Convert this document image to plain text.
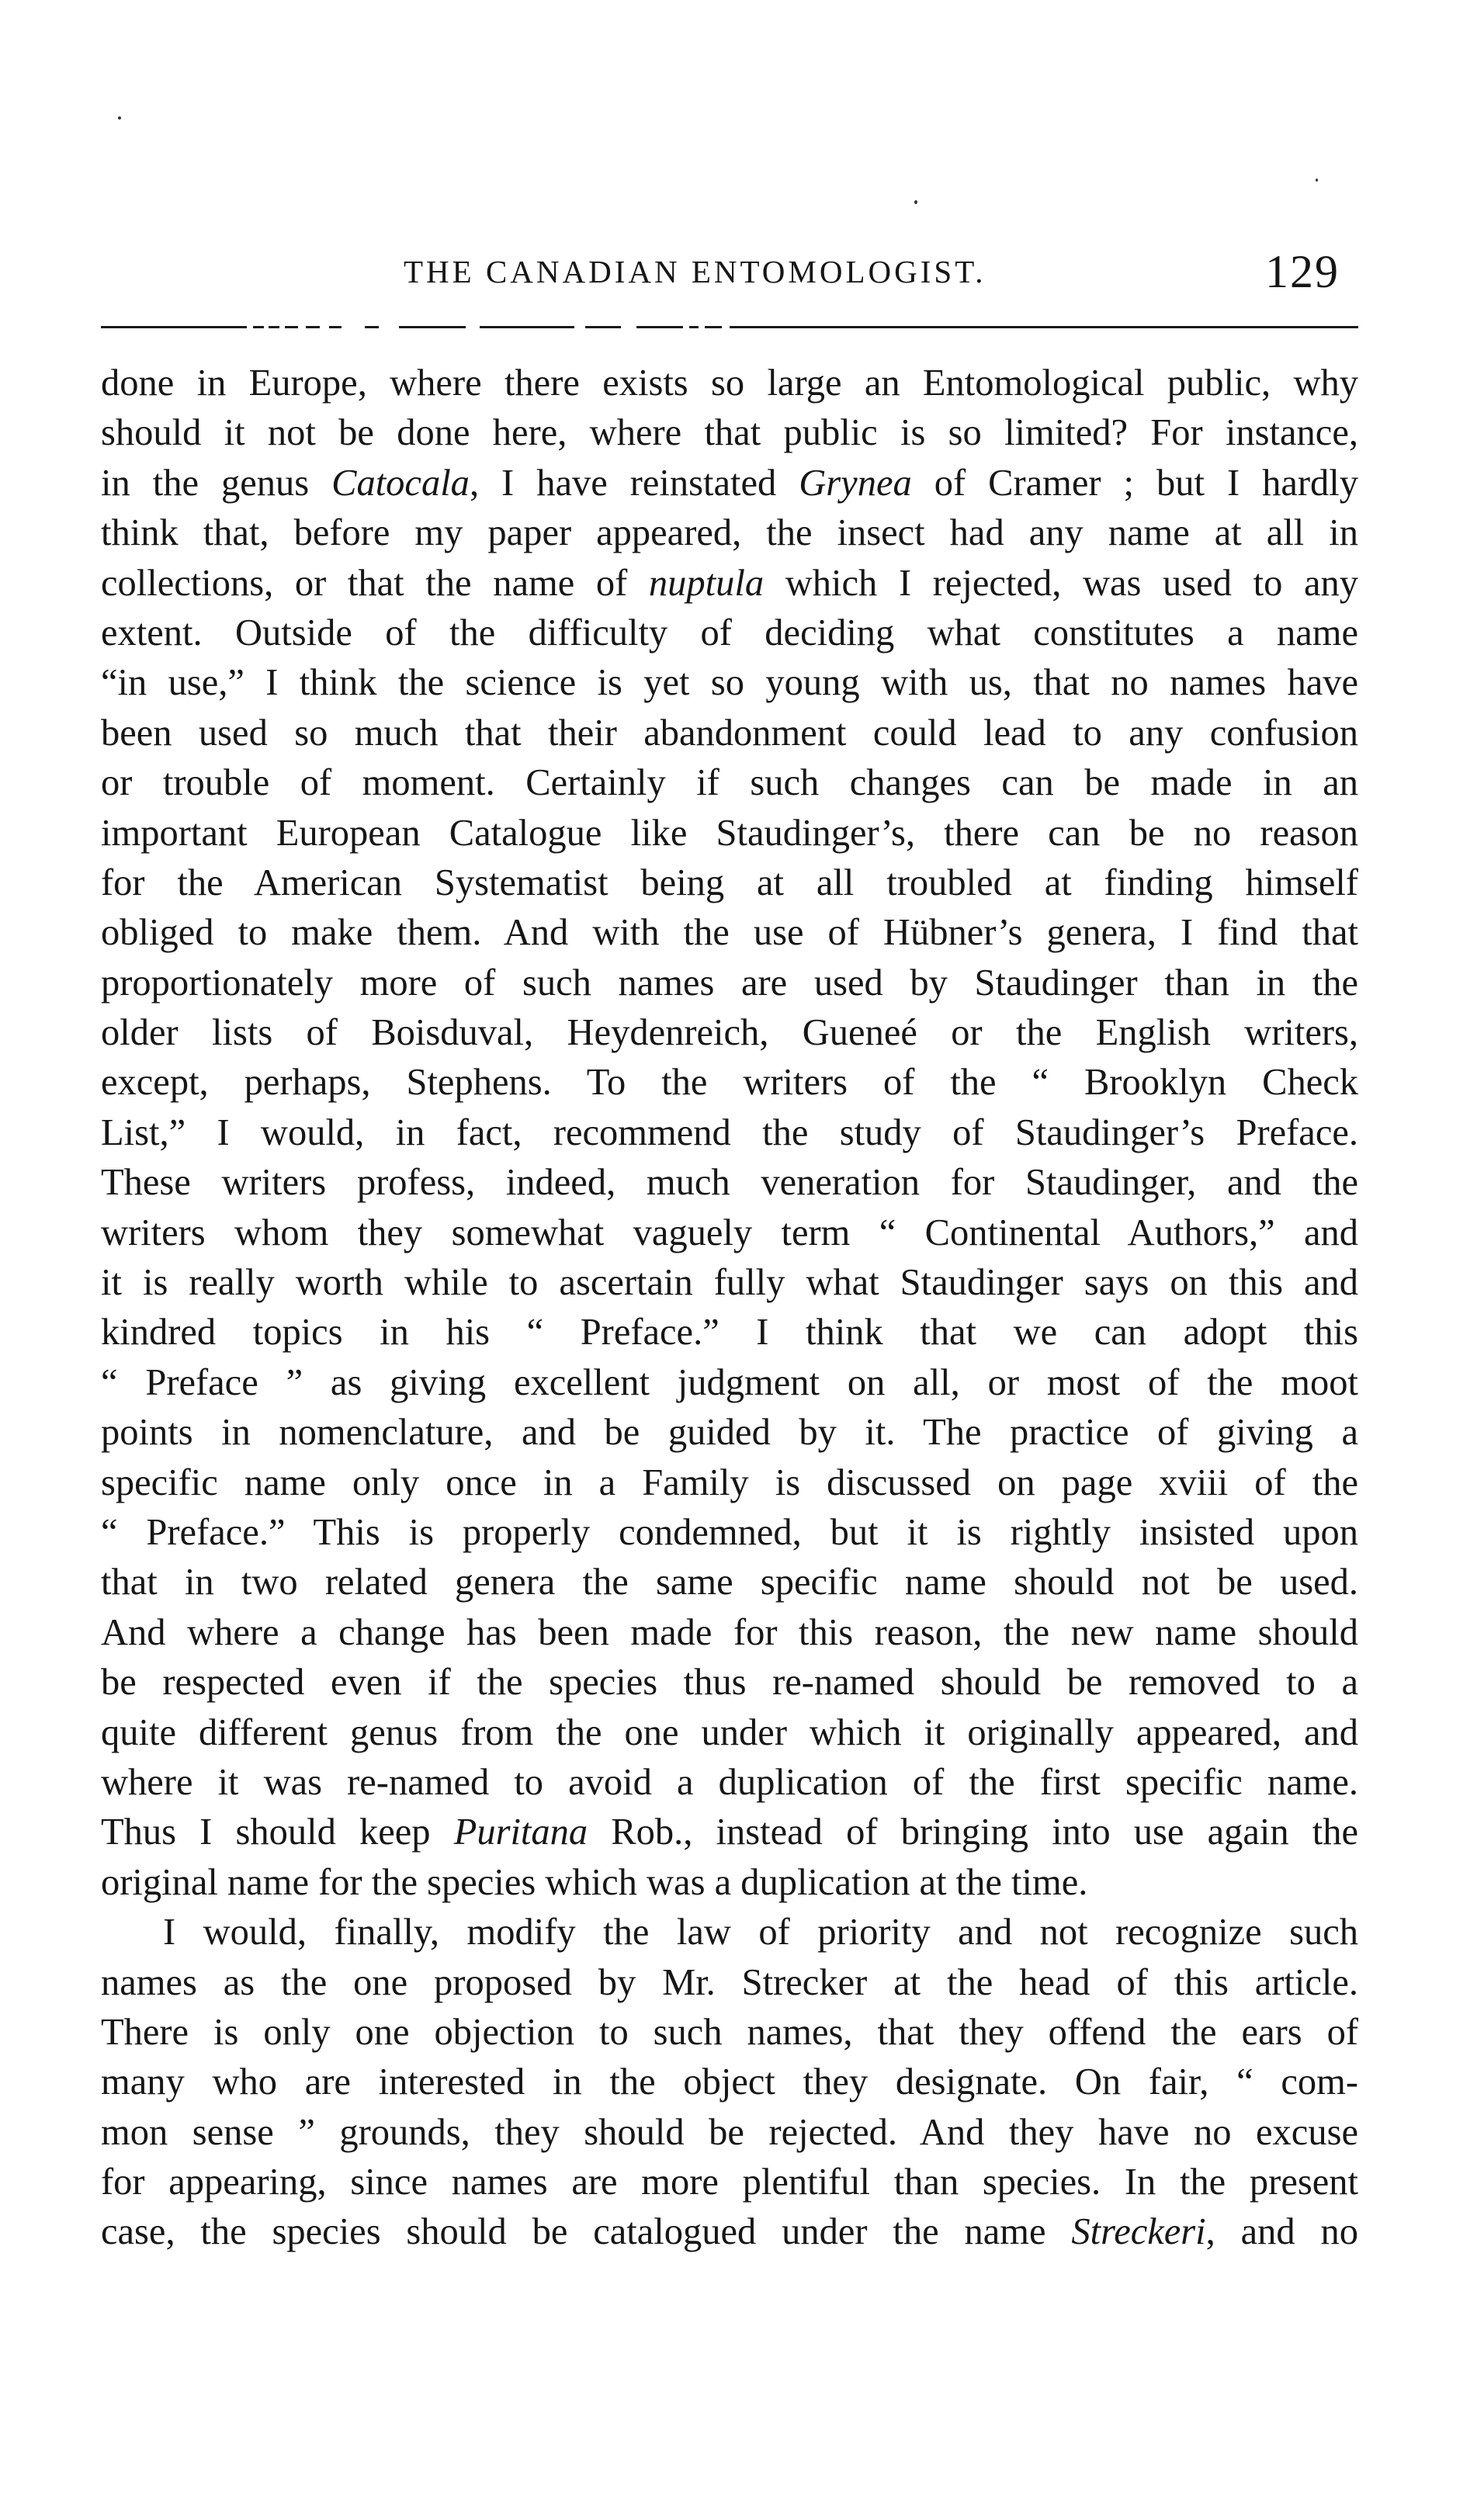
THE CANADIAN ENTOMOLOGIST.	129
done in Europe, where there exists so large an Entomological public, why
should it not be done here, where that public is so limited? For instance,
in the genus Catocala, I have reinstated Grynea of Cramer ; but I hardly
think that, before my paper appeared, the insect had any name at all in
collections, or that the name of nuptula which I rejected, was used to any
extent. Outside of the difficulty of deciding what constitutes a name
“in use,” I think the science is yet so young with us, that no names have
been used so much that their abandonment could lead to any confusion
or trouble of moment. Certainly if such changes can be made in an
important European Catalogue like Staudinger’s, there can be no reason
for the American Systematist being at all troubled at finding himself
obliged to make them. And with the use of Hübner’s genera, I find that
proportionately more of such names are used by Staudinger than in the
older lists of Boisduval, Heydenreich, Gueneé or the English writers,
except, perhaps, Stephens. To the writers of the “ Brooklyn Check
List,” I would, in fact, recommend the study of Staudinger’s Preface.
These writers profess, indeed, much veneration for Staudinger, and the
writers whom they somewhat vaguely term “ Continental Authors,” and
it is really worth while to ascertain fully what Staudinger says on this and
kindred topics in his “ Preface.” I think that we can adopt this
“ Preface ” as giving excellent judgment on all, or most of the moot
points in nomenclature, and be guided by it. The practice of giving a
specific name only once in a Family is discussed on page xviii of the
“ Preface.” This is properly condemned, but it is rightly insisted upon
that in two related genera the same specific name should not be used.
And where a change has been made for this reason, the new name should
be respected even if the species thus re-named should be removed to a
quite different genus from the one under which it originally appeared, and
where it was re-named to avoid a duplication of the first specific name.
Thus I should keep Puritana Rob., instead of bringing into use again the
original name for the species which was a duplication at the time.
I would, finally, modify the law of priority and not recognize such
names as the one proposed by Mr. Strecker at the head of this article.
There is only one objection to such names, that they offend the ears of
many who are interested in the object they designate. On fair, “ com-
mon sense ” grounds, they should be rejected. And they have no excuse
for appearing, since names are more plentiful than species. In the present
case, the species should be catalogued under the name Streckeri, and no
